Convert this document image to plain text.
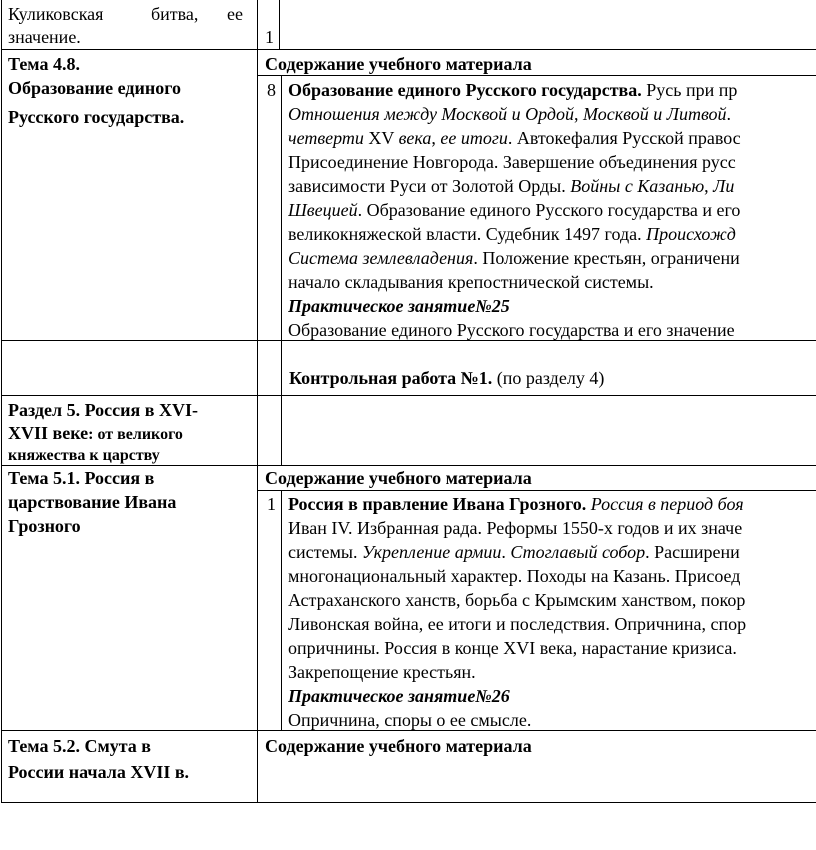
Куликовская	битва, ее
значение.	1
Тема 4.8.
Образование единого
Русского государства.
Содержание учебного материала
8 Образование единого Русского государства. Русь при пр
Отношения между Москвой и Ордой, Москвой и Литвой.
четверти XV века, ее итоги. Автокефалия Русской правос
Присоединение Новгорода. Завершение объединения русс
зависимости Руси от Золотой Орды. Войны с Казанью, Ли
Швецией. Образование единого Русского государства и его
великокняжеской власти. Судебник 1497 года. Происхожд
Система землевладения. Положение крестьян, ограничени
начало складывания крепостнической системы.
Практическое занятие№25
Образование единого Русского государства и его значение
Контрольная работа №1. (по разделу 4)
Раздел 5. Россия в XVI-
XVII веке: от великого
княжества к царству
Тема 5.1. Россия в
царствование Ивана
Грозного
Содержание учебного материала
1 Россия в правление Ивана Грозного. Россия в период боя
Иван IV. Избранная рада. Реформы 1550-х годов и их значе
системы. Укрепление армии. Стоглавый собор. Расширени
многонациональный характер. Походы на Казань. Присоед
Астраханского ханств, борьба с Крымским ханством, покор
Ливонская война, ее итоги и последствия. Опричнина, спор
опричнины. Россия в конце XVI века, нарастание кризиса.
Закрепощение крестьян.
Практическое занятие№26
Опричнина, споры о ее смысле.
Тема 5.2. Смута в
России начала XVII в.
Содержание учебного материала
